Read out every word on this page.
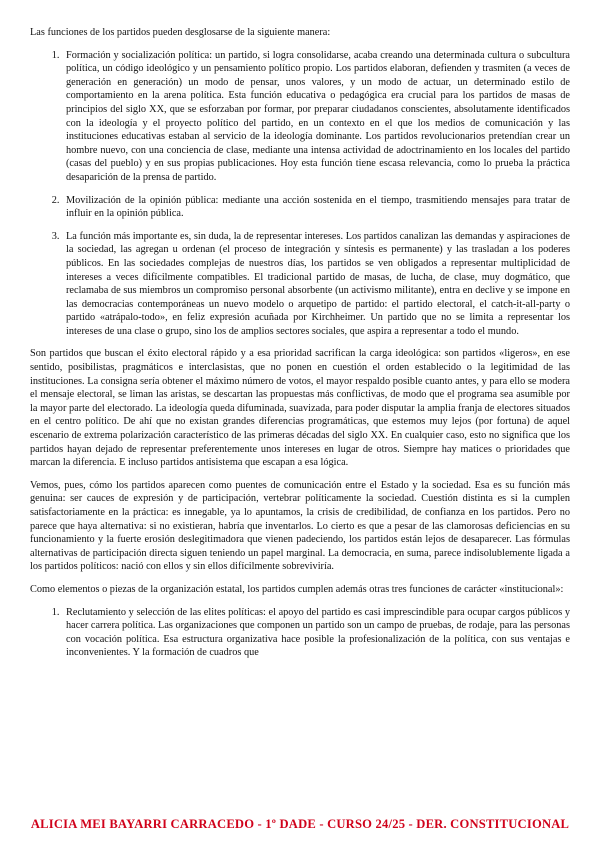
Las funciones de los partidos pueden desglosarse de la siguiente manera:

1. Formación y socialización política: un partido, si logra consolidarse, acaba creando una determinada cultura o subcultura política, un código ideológico y un pensamiento político propio. Los partidos elaboran, defienden y trasmiten (a veces de generación en generación) un modo de pensar, unos valores, y un modo de actuar, un determinado estilo de comportamiento en la arena política. Esta función educativa o pedagógica era crucial para los partidos de masas de principios del siglo XX, que se esforzaban por formar, por preparar ciudadanos conscientes, absolutamente identificados con la ideología y el proyecto político del partido, en un contexto en el que los medios de comunicación y las instituciones educativas estaban al servicio de la ideología dominante. Los partidos revolucionarios pretendían crear un hombre nuevo, con una conciencia de clase, mediante una intensa actividad de adoctrinamiento en los locales del partido (casas del pueblo) y en sus propias publicaciones. Hoy esta función tiene escasa relevancia, como lo prueba la práctica desaparición de la prensa de partido.
2. Movilización de la opinión pública: mediante una acción sostenida en el tiempo, trasmitiendo mensajes para tratar de influir en la opinión pública.
3. La función más importante es, sin duda, la de representar intereses. Los partidos canalizan las demandas y aspiraciones de la sociedad, las agregan u ordenan (el proceso de integración y síntesis es permanente) y las trasladan a los poderes públicos. En las sociedades complejas de nuestros días, los partidos se ven obligados a representar multiplicidad de intereses a veces difícilmente compatibles. El tradicional partido de masas, de lucha, de clase, muy dogmático, que reclamaba de sus miembros un compromiso personal absorbente (un activismo militante), entra en declive y se impone en las democracias contemporáneas un nuevo modelo o arquetipo de partido: el partido electoral, el catch-it-all-party o partido «atrápalo-todo», en feliz expresión acuñada por Kirchheimer. Un partido que no se limita a representar los intereses de una clase o grupo, sino los de amplios sectores sociales, que aspira a representar a todo el mundo.

Son partidos que buscan el éxito electoral rápido y a esa prioridad sacrifican la carga ideológica: son partidos «ligeros», en ese sentido, posibilistas, pragmáticos e interclasistas, que no ponen en cuestión el orden establecido o la legitimidad de las instituciones. La consigna sería obtener el máximo número de votos, el mayor respaldo posible cuanto antes, y para ello se modera el mensaje electoral, se liman las aristas, se descartan las propuestas más conflictivas, de modo que el programa sea asumible por la mayor parte del electorado. La ideología queda difuminada, suavizada, para poder disputar la amplia franja de electores situados en el centro político. De ahí que no existan grandes diferencias programáticas, que estemos muy lejos (por fortuna) de aquel escenario de extrema polarización característico de las primeras décadas del siglo XX. En cualquier caso, esto no significa que los partidos hayan dejado de representar preferentemente unos intereses en lugar de otros. Siempre hay matices o prioridades que marcan la diferencia. E incluso partidos antisistema que escapan a esa lógica.

Vemos, pues, cómo los partidos aparecen como puentes de comunicación entre el Estado y la sociedad. Esa es su función más genuina: ser cauces de expresión y de participación, vertebrar políticamente la sociedad. Cuestión distinta es si la cumplen satisfactoriamente en la práctica: es innegable, ya lo apuntamos, la crisis de credibilidad, de confianza en los partidos. Pero no parece que haya alternativa: si no existieran, habría que inventarlos. Lo cierto es que a pesar de las clamorosas deficiencias en su funcionamiento y la fuerte erosión deslegitimadora que vienen padeciendo, los partidos están lejos de desaparecer. Las fórmulas alternativas de participación directa siguen teniendo un papel marginal. La democracia, en suma, parece indisolublemente ligada a los partidos políticos: nació con ellos y sin ellos difícilmente sobreviviría.

Como elementos o piezas de la organización estatal, los partidos cumplen además otras tres funciones de carácter «institucional»:

1. Reclutamiento y selección de las elites políticas: el apoyo del partido es casi imprescindible para ocupar cargos públicos y hacer carrera política. Las organizaciones que componen un partido son un campo de pruebas, de rodaje, para las personas con vocación política. Esa estructura organizativa hace posible la profesionalización de la política, con sus ventajas e inconvenientes. Y la formación de cuadros que
ALICIA MEI BAYARRI CARRACEDO - 1º DADE - CURSO 24/25 - DER. CONSTITUCIONAL
